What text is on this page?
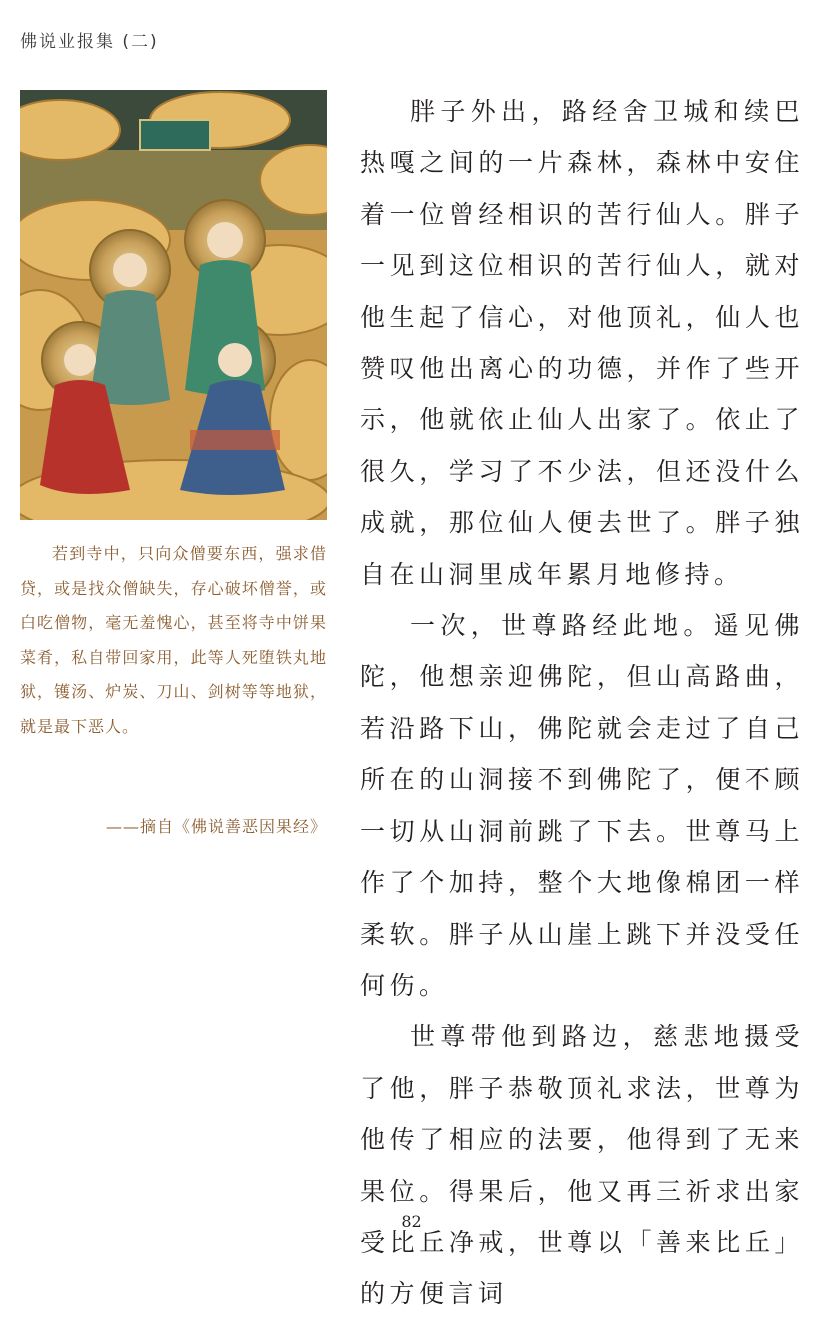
佛说业报集 (二)
若到寺中，只向众僧要东西，强求借贷，或是找众僧缺失，存心破坏僧誉，或白吃僧物，毫无羞愧心，甚至将寺中饼果菜肴，私自带回家用，此等人死堕铁丸地狱，镬汤、炉炭、刀山、剑树等等地狱，就是最下恶人。
——摘自《佛说善恶因果经》

胖子外出，路经舍卫城和续巴热嘎之间的一片森林，森林中安住着一位曾经相识的苦行仙人。胖子一见到这位相识的苦行仙人，就对他生起了信心，对他顶礼，仙人也赞叹他出离心的功德，并作了些开示，他就依止仙人出家了。依止了很久，学习了不少法，但还没什么成就，那位仙人便去世了。胖子独自在山洞里成年累月地修持。

一次，世尊路经此地。遥见佛陀，他想亲迎佛陀，但山高路曲，若沿路下山，佛陀就会走过了自己所在的山洞接不到佛陀了，便不顾一切从山洞前跳了下去。世尊马上作了个加持，整个大地像棉团一样柔软。胖子从山崖上跳下并没受任何伤。

世尊带他到路边，慈悲地摄受了他，胖子恭敬顶礼求法，世尊为他传了相应的法要，他得到了无来果位。得果后，他又再三祈求出家受比丘净戒，世尊以「善来比丘」的方便言词

82
